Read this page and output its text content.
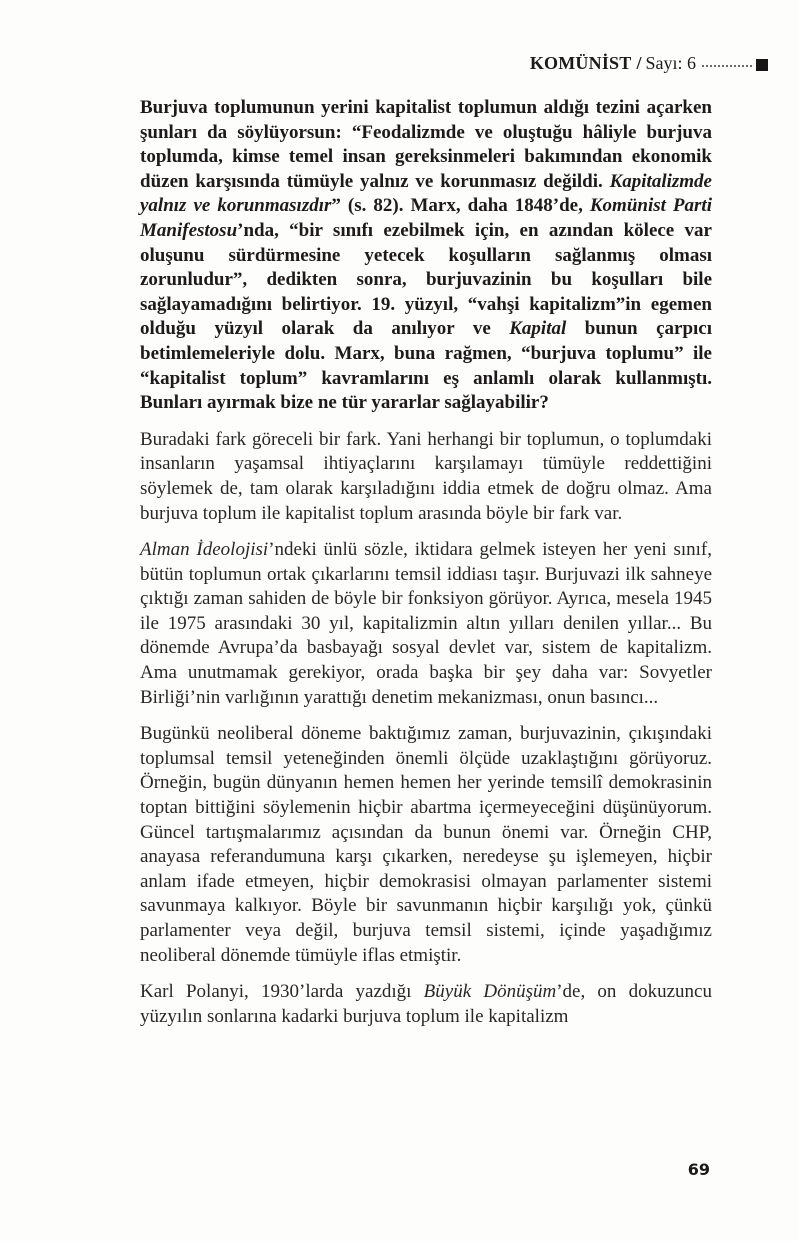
KOMÜNİST / Sayı: 6

Burjuva toplumunun yerini kapitalist toplumun aldığı tezini açarken şunları da söylüyorsun: “Feodalizmde ve oluştuğu hâliyle burjuva toplumda, kimse temel insan gereksinmeleri bakımından ekonomik düzen karşısında tümüyle yalnız ve korunmasız değildi. Kapitalizmde yalnız ve korunmasızdır” (s. 82). Marx, daha 1848’de, Komünist Parti Manifestosu’nda, “bir sınıfı ezebilmek için, en azından kölece var oluşunu sürdürmesine yetecek koşulların sağlanmış olması zorunludur”, dedikten sonra, burjuvazinin bu koşulları bile sağlayamadığını belirtiyor. 19. yüzyıl, “vahşi kapitalizm”in egemen olduğu yüzyıl olarak da anılıyor ve Kapital bunun çarpıcı betimlemeleriyle dolu. Marx, buna rağmen, “burjuva toplumu” ile “kapitalist toplum” kavramlarını eş anlamlı olarak kullanmıştı. Bunları ayırmak bize ne tür yararlar sağlayabilir?

Buradaki fark göreceli bir fark. Yani herhangi bir toplumun, o toplumdaki insanların yaşamsal ihtiyaçlarını karşılamayı tümüyle reddettiğini söylemek de, tam olarak karşıladığını iddia etmek de doğru olmaz. Ama burjuva toplum ile kapitalist toplum arasında böyle bir fark var.

Alman İdeolojisi’ndeki ünlü sözle, iktidara gelmek isteyen her yeni sınıf, bütün toplumun ortak çıkarlarını temsil iddiası taşır. Burjuvazi ilk sahneye çıktığı zaman sahiden de böyle bir fonksiyon görüyor. Ayrıca, mesela 1945 ile 1975 arasındaki 30 yıl, kapitalizmin altın yılları denilen yıllar... Bu dönemde Avrupa’da basbayağı sosyal devlet var, sistem de kapitalizm. Ama unutmamak gerekiyor, orada başka bir şey daha var: Sovyetler Birliği’nin varlığının yarattığı denetim mekanizması, onun basıncı...

Bugünkü neoliberal döneme baktığımız zaman, burjuvazinin, çıkışındaki toplumsal temsil yeteneğinden önemli ölçüde uzaklaştığını görüyoruz. Örneğin, bugün dünyanın hemen hemen her yerinde temsilî demokrasinin toptan bittiğini söylemenin hiçbir abartma içermeyeceğini düşünüyorum. Güncel tartışmalarımız açısından da bunun önemi var. Örneğin CHP, anayasa referandumuna karşı çıkarken, neredeyse şu işlemeyen, hiçbir anlam ifade etmeyen, hiçbir demokrasisi olmayan parlamenter sistemi savunmaya kalkıyor. Böyle bir savunmanın hiçbir karşılığı yok, çünkü parlamenter veya değil, burjuva temsil sistemi, içinde yaşadığımız neoliberal dönemde tümüyle iflas etmiştir.

Karl Polanyi, 1930’larda yazdığı Büyük Dönüşüm’de, on dokuzuncu yüzyılın sonlarına kadarki burjuva toplum ile kapitalizm

69
